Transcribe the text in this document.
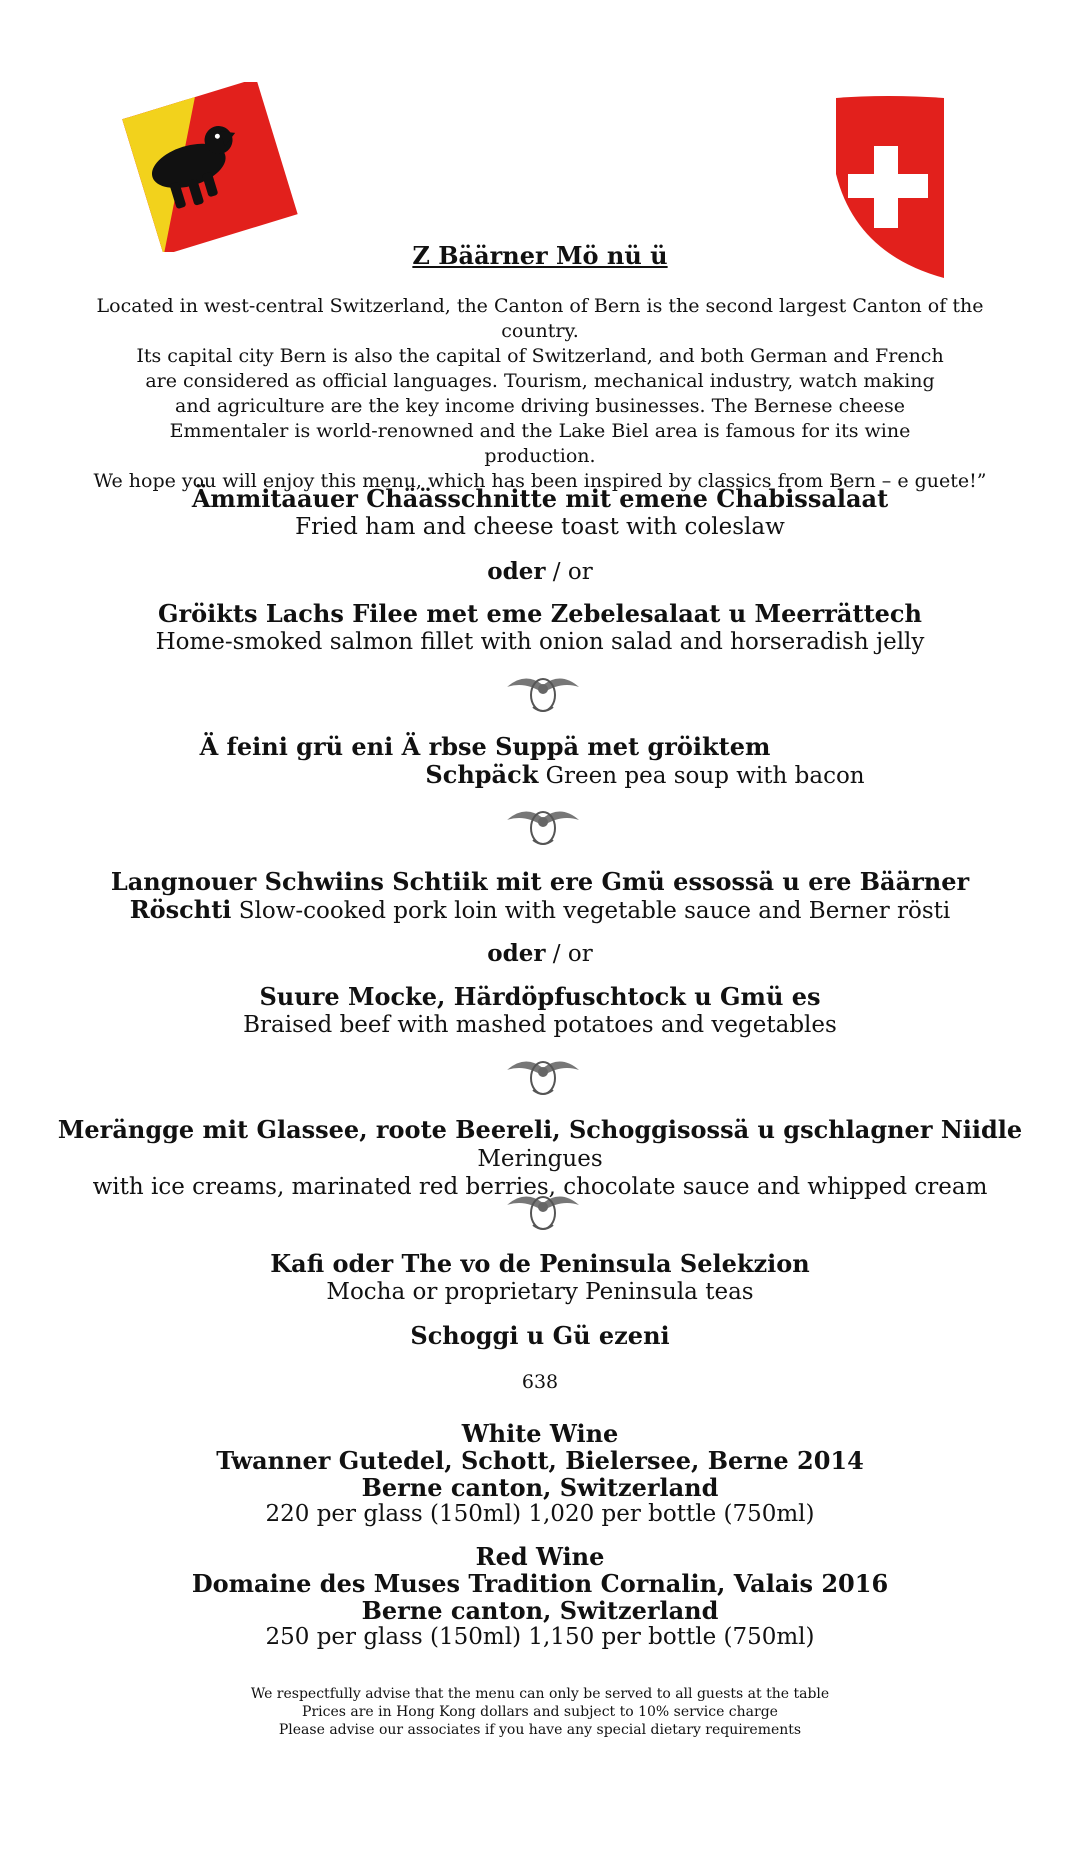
Z Bäärner Mö nü ü
Located in west-central Switzerland, the Canton of Bern is the second largest Canton of the country.
Its capital city Bern is also the capital of Switzerland, and both German and French
are considered as official languages. Tourism, mechanical industry, watch making
and agriculture are the key income driving businesses. The Bernese cheese
Emmentaler is world-renowned and the Lake Biel area is famous for its wine
production.
We hope you will enjoy this menu, which has been inspired by classics from Bern – e guete!”
Ämmitaauer Chäässchnitte mit emene Chabissalaat
Fried ham and cheese toast with coleslaw
oder / or
Gröikts Lachs Filee met eme Zebelesalaat u Meerrättech
Home-smoked salmon fillet with onion salad and horseradish jelly
Ä feini grü eni Ä rbse Suppä met gröiktem
Schpäck Green pea soup with bacon
Langnouer Schwiins Schtiik mit ere Gmü essossä u ere Bäärner
Röschti Slow-cooked pork loin with vegetable sauce and Berner rösti
oder / or
Suure Mocke, Härdöpfuschtock u Gmü es
Braised beef with mashed potatoes and vegetables
Merängge mit Glassee, roote Beereli, Schoggisossä u gschlagner Niidle Meringues
with ice creams, marinated red berries, chocolate sauce and whipped cream
Kafi oder The vo de Peninsula Selekzion
Mocha or proprietary Peninsula teas
Schoggi u Gü ezeni
638
White Wine
Twanner Gutedel, Schott, Bielersee, Berne 2014
Berne canton, Switzerland
220 per glass (150ml) 1,020 per bottle (750ml)
Red Wine
Domaine des Muses Tradition Cornalin, Valais 2016
Berne canton, Switzerland
250 per glass (150ml) 1,150 per bottle (750ml)
We respectfully advise that the menu can only be served to all guests at the table
Prices are in Hong Kong dollars and subject to 10% service charge
Please advise our associates if you have any special dietary requirements
